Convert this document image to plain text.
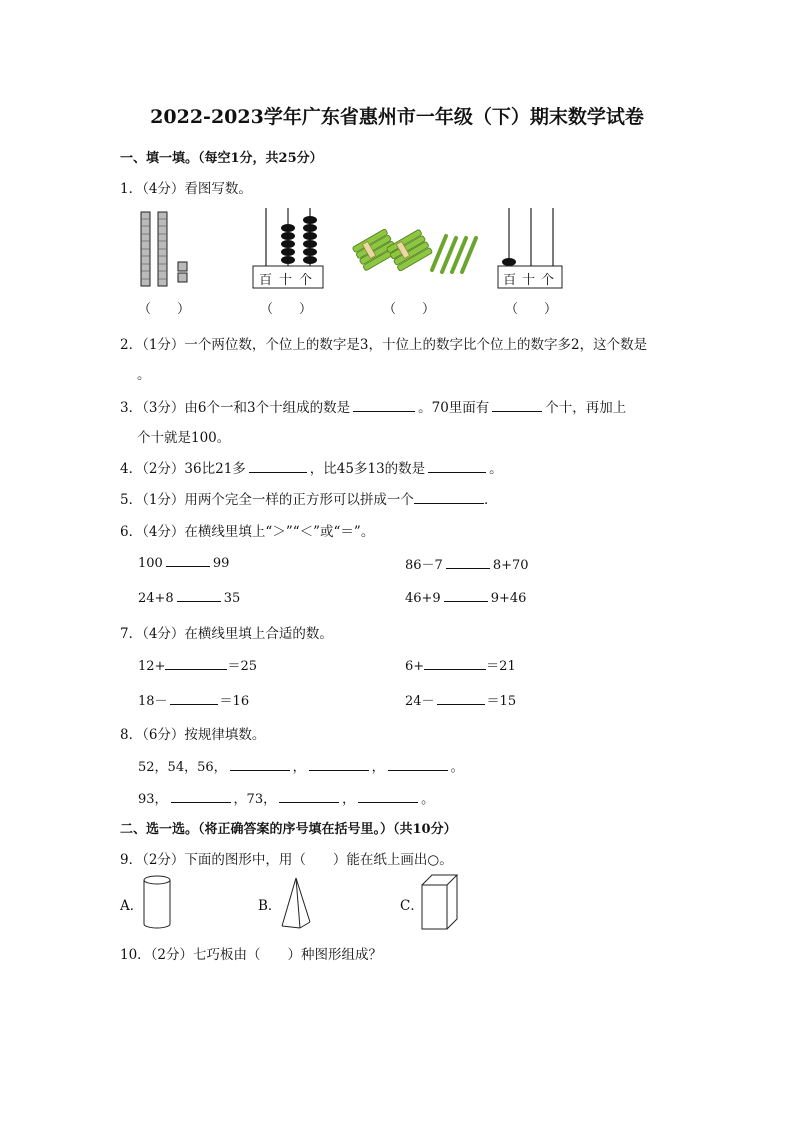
2022-2023学年广东省惠州市一年级（下）期末数学试卷
一、填一填。（每空1分，共25分）
1．（4分）看图写数。
百十个	百十个
（　　）	（　　）	（　　）	（　　）
2．（1分）一个两位数，个位上的数字是3，十位上的数字比个位上的数字多2，这个数是
。
3．（3分）由6个一和3个十组成的数是	。70里面有	个十，再加上
个十就是100。
4．（2分）36比21多	，比45多13的数是	。
5．（1分）用两个完全一样的正方形可以拼成一个	．
6．（4分）在横线里填上“＞”“＜”或“＝”。
100	99	86－7	8+70
24+8	35	46+9	9+46
7．（4分）在横线里填上合适的数。
12+	＝25	6+	＝21
18－	＝16	24－	＝15
8．（6分）按规律填数。
52，54，56，	，	，	。
93，	，73，	，	。
二、选一选。（将正确答案的序号填在括号里。）（共10分）
9．（2分）下面的图形中，用（　　）能在纸上画出○。
A．	B．	C．
10．（2分）七巧板由（　　）种图形组成？
